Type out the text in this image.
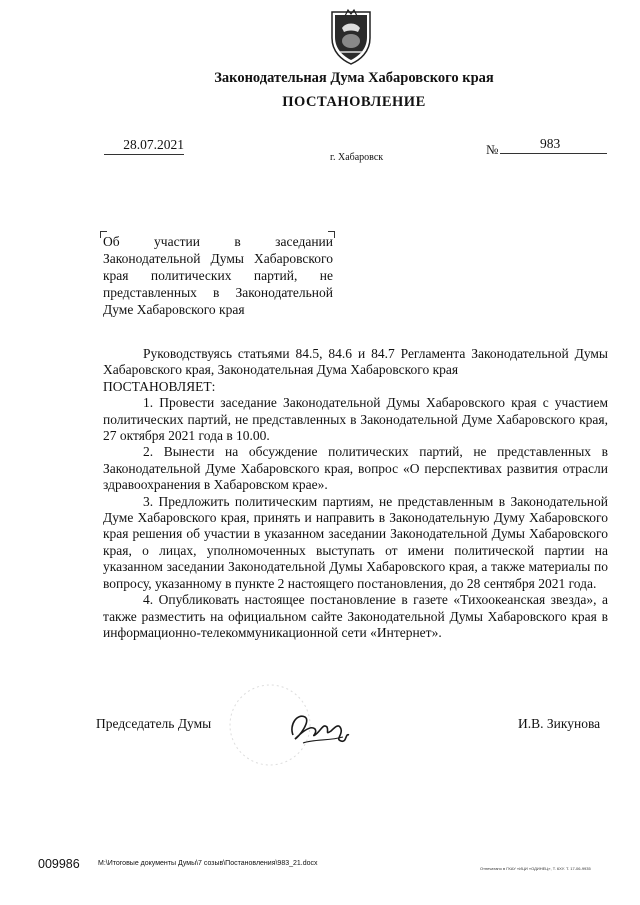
Законодательная Дума Хабаровского края
ПОСТАНОВЛЕНИЕ
28.07.2021
г. Хабаровск
№	983
Об участии в заседании Законодательной Думы Хабаровского края политических партий, не представленных в Законодательной Думе Хабаровского края

Руководствуясь статьями 84.5, 84.6 и 84.7 Регламента Законодательной Думы Хабаровского края, Законодательная Дума Хабаровского края

ПОСТАНОВЛЯЕТ:

1. Провести заседание Законодательной Думы Хабаровского края с участием политических партий, не представленных в Законодательной Думе Хабаровского края, 27 октября 2021 года в 10.00.

2. Вынести на обсуждение политических партий, не представленных в Законодательной Думе Хабаровского края, вопрос «О перспективах развития отрасли здравоохранения в Хабаровском крае».

3. Предложить политическим партиям, не представленным в Законодательной Думе Хабаровского края, принять и направить в Законодательную Думу Хабаровского края решения об участии в указанном заседании Законодательной Думы Хабаровского края, о лицах, уполномоченных выступать от имени политической партии на указанном заседании Законодательной Думы Хабаровского края, а также материалы по вопросу, указанному в пункте 2 настоящего постановления, до 28 сентября 2021 года.

4. Опубликовать настоящее постановление в газете «Тихоокеанская звезда», а также разместить на официальном сайте Законодательной Думы Хабаровского края в информационно-телекоммуникационной сети «Интернет».

Председатель Думы	И.В. Зикунова
009986	M:\Итоговые документы Думы\7 созыв\Постановления\983_21.docx
Отпечатано в ГКАУ «ИЦИ «ОДИНЕЦ», Т. 6ХУ. Т. 17-06-9935
